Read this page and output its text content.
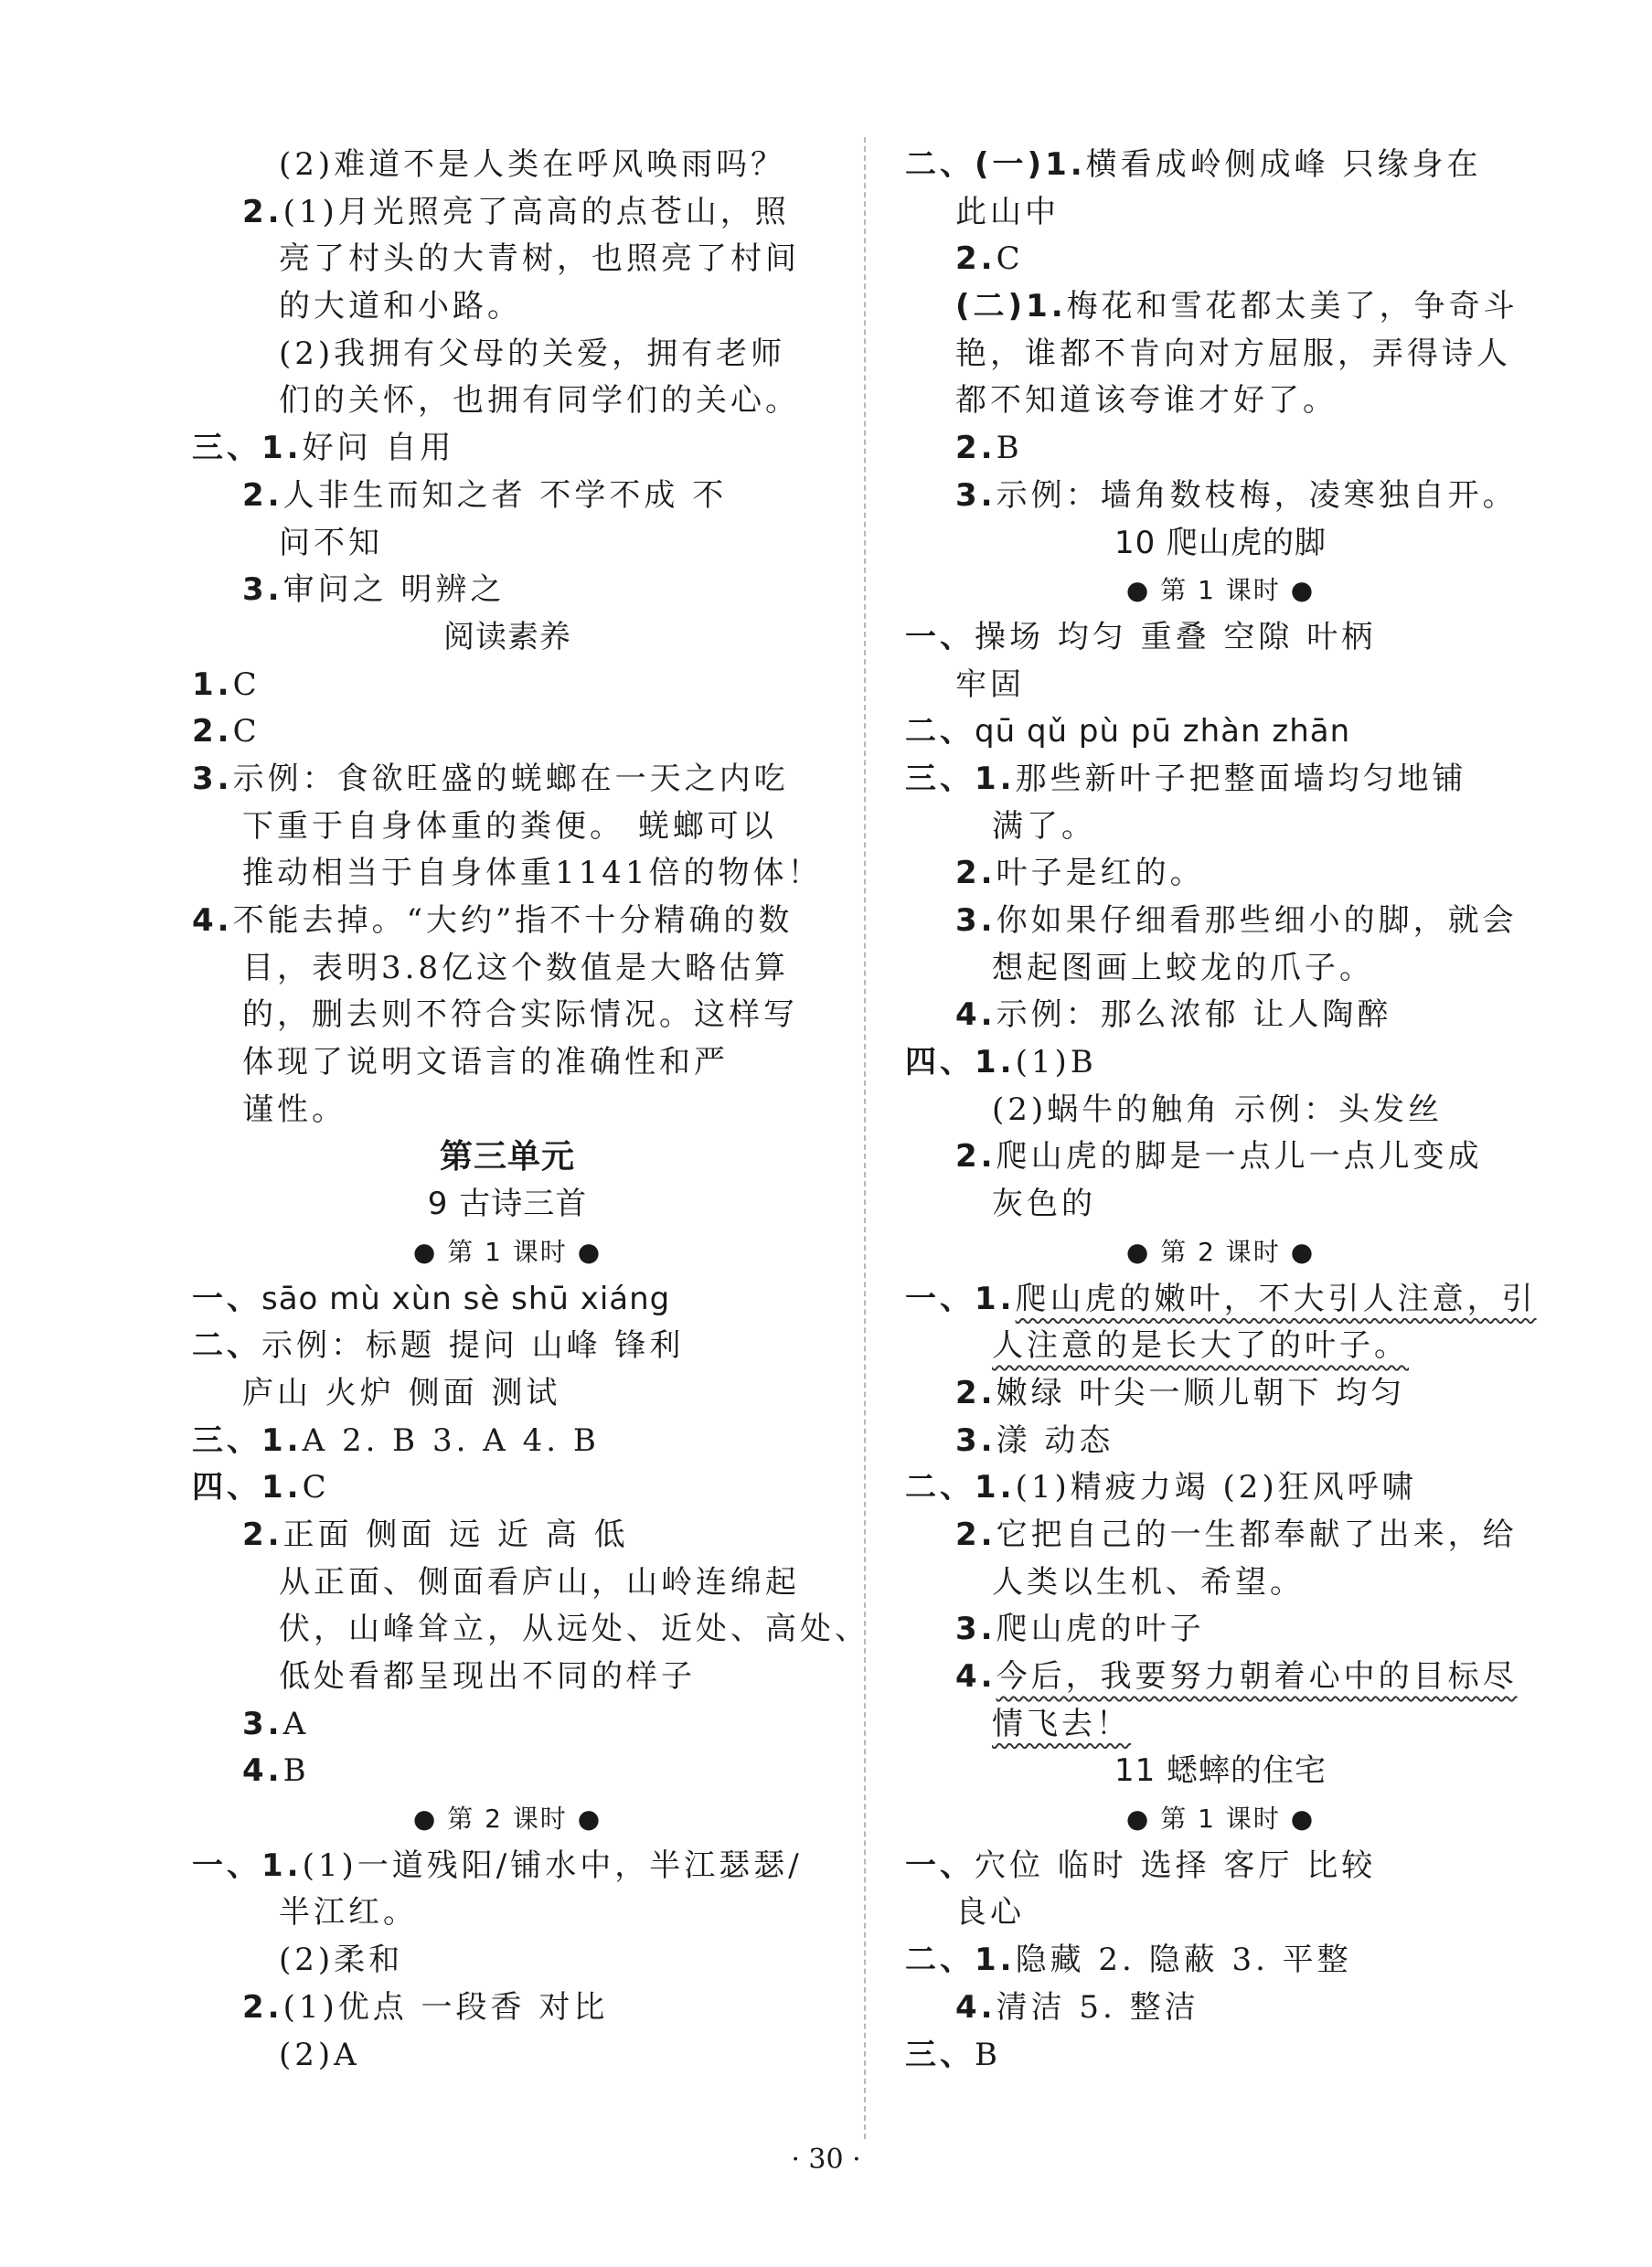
(2)难道不是人类在呼风唤雨吗？
2.(1)月光照亮了高高的点苍山，照
亮了村头的大青树，也照亮了村间
的大道和小路。
(2)我拥有父母的关爱，拥有老师
们的关怀，也拥有同学们的关心。
三、1.好问 自用
2.人非生而知之者 不学不成 不
问不知
3.审问之 明辨之
阅读素养
1.C
2.C
3.示例：食欲旺盛的蜣螂在一天之内吃
下重于自身体重的粪便。 蜣螂可以
推动相当于自身体重1141倍的物体！
4.不能去掉。“大约”指不十分精确的数
目，表明3.8亿这个数值是大略估算
的，删去则不符合实际情况。这样写
体现了说明文语言的准确性和严
谨性。
第三单元
9 古诗三首
● 第 1 课时 ●
一、sāo mù xùn sè shū xiáng
二、示例：标题 提问 山峰 锋利
庐山 火炉 侧面 测试
三、1.A 2. B 3. A 4. B
四、1.C
2.正面 侧面 远 近 高 低
从正面、侧面看庐山，山岭连绵起
伏，山峰耸立，从远处、近处、高处、
低处看都呈现出不同的样子
3.A
4.B
● 第 2 课时 ●
一、1.(1)一道残阳/铺水中，半江瑟瑟/
半江红。
(2)柔和
2.(1)优点 一段香 对比
(2)A
二、(一)1.横看成岭侧成峰 只缘身在
此山中
2.C
(二)1.梅花和雪花都太美了，争奇斗
艳，谁都不肯向对方屈服，弄得诗人
都不知道该夸谁才好了。
2.B
3.示例：墙角数枝梅，凌寒独自开。
10 爬山虎的脚
● 第 1 课时 ●
一、操场 均匀 重叠 空隙 叶柄
牢固
二、qū qǔ pù pū zhàn zhān
三、1.那些新叶子把整面墙均匀地铺
满了。
2.叶子是红的。
3.你如果仔细看那些细小的脚，就会
想起图画上蛟龙的爪子。
4.示例：那么浓郁 让人陶醉
四、1.(1)B
(2)蜗牛的触角 示例：头发丝
2.爬山虎的脚是一点儿一点儿变成
灰色的
● 第 2 课时 ●
一、1.爬山虎的嫩叶，不大引人注意，引
人注意的是长大了的叶子。
2.嫩绿 叶尖一顺儿朝下 均匀
3.漾 动态
二、1.(1)精疲力竭 (2)狂风呼啸
2.它把自己的一生都奉献了出来，给
人类以生机、希望。
3.爬山虎的叶子
4.今后，我要努力朝着心中的目标尽
情飞去！
11 蟋蟀的住宅
● 第 1 课时 ●
一、穴位 临时 选择 客厅 比较
良心
二、1.隐藏 2. 隐蔽 3. 平整
4.清洁 5. 整洁
三、B
· 30 ·
